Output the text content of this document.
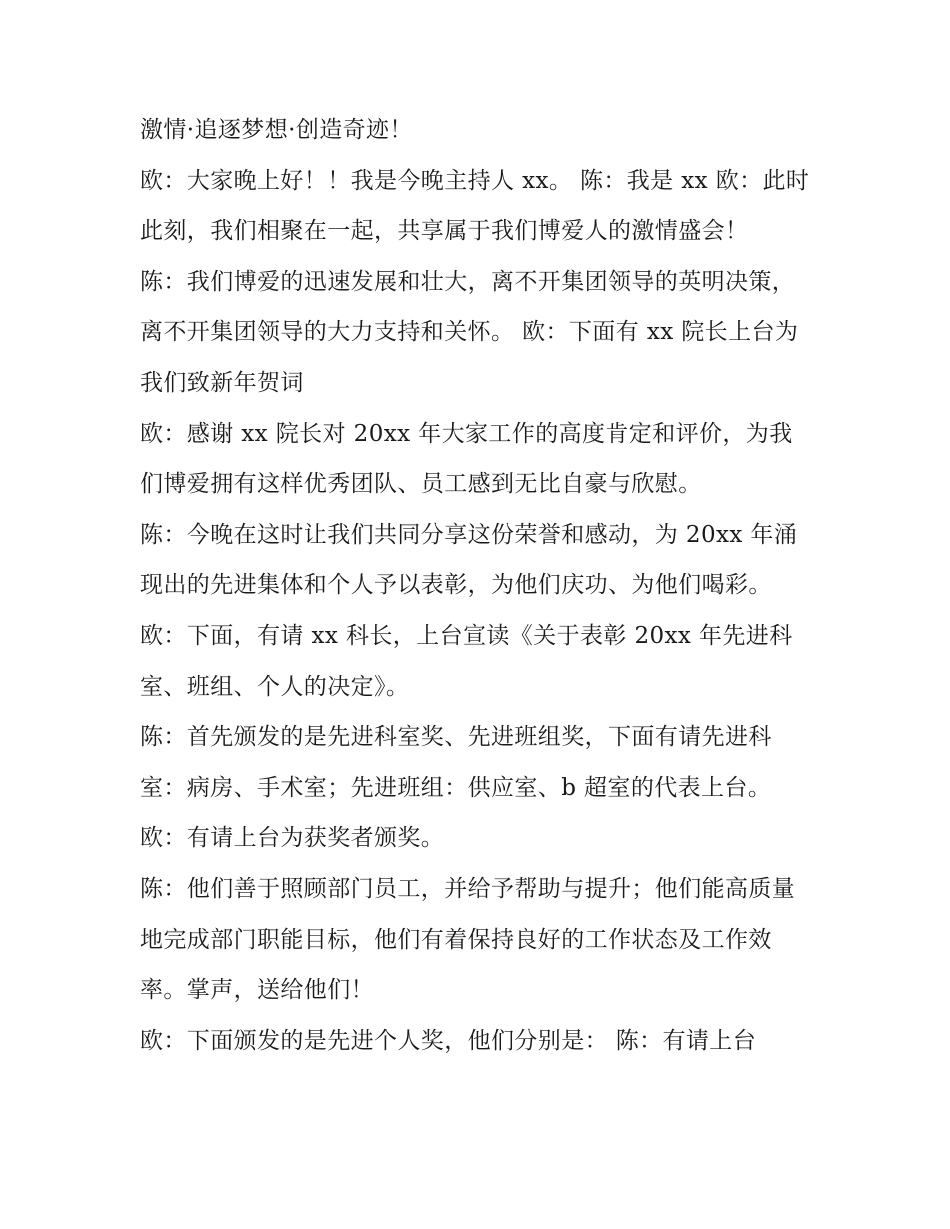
激情·追逐梦想·创造奇迹！

欧：大家晚上好！！我是今晚主持人 xx。 陈：我是 xx 欧：此时此刻，我们相聚在一起，共享属于我们博爱人的激情盛会！

陈：我们博爱的迅速发展和壮大，离不开集团领导的英明决策，离不开集团领导的大力支持和关怀。 欧：下面有 xx 院长上台为我们致新年贺词

欧：感谢 xx 院长对 20xx 年大家工作的高度肯定和评价，为我们博爱拥有这样优秀团队、员工感到无比自豪与欣慰。

陈：今晚在这时让我们共同分享这份荣誉和感动，为 20xx 年涌现出的先进集体和个人予以表彰，为他们庆功、为他们喝彩。

欧：下面，有请 xx 科长，上台宣读《关于表彰 20xx 年先进科室、班组、个人的决定》。

陈：首先颁发的是先进科室奖、先进班组奖，下面有请先进科室：病房、手术室；先进班组：供应室、b 超室的代表上台。

欧：有请上台为获奖者颁奖。

陈：他们善于照顾部门员工，并给予帮助与提升；他们能高质量地完成部门职能目标，他们有着保持良好的工作状态及工作效率。掌声，送给他们！

欧：下面颁发的是先进个人奖，他们分别是： 陈：有请上台
